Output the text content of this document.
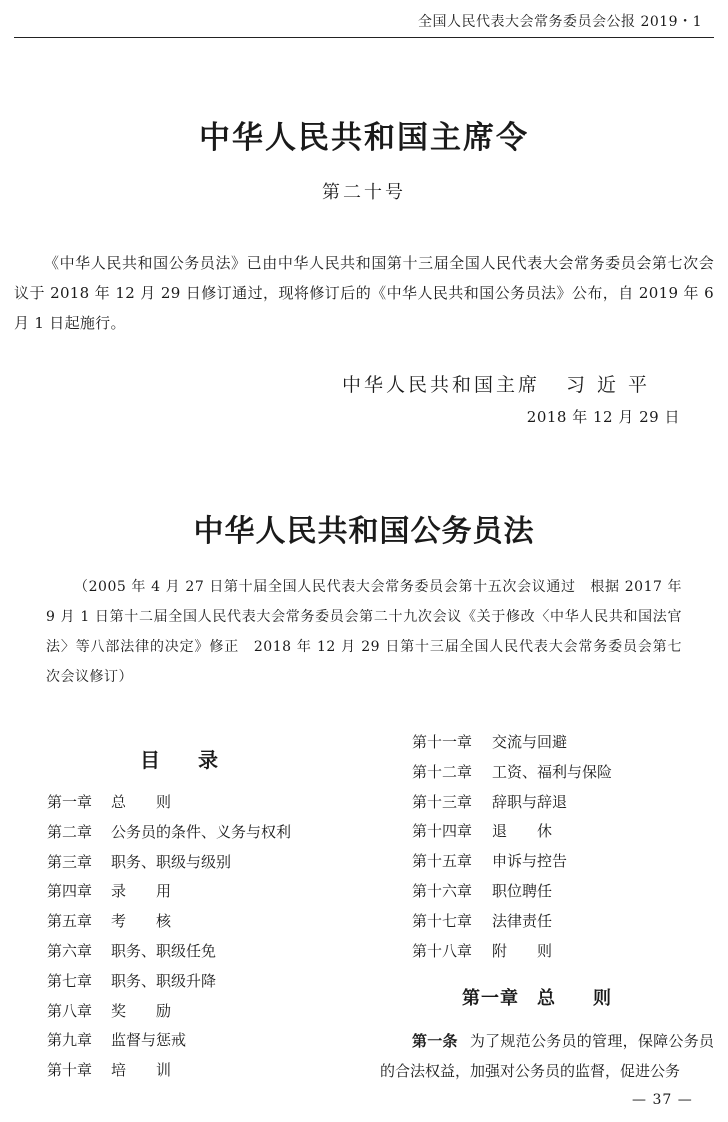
全国人民代表大会常务委员会公报 2019・1
中华人民共和国主席令
第二十号

《中华人民共和国公务员法》已由中华人民共和国第十三届全国人民代表大会常务委员会第七次会议于 2018 年 12 月 29 日修订通过，现将修订后的《中华人民共和国公务员法》公布，自 2019 年 6 月 1 日起施行。

中华人民共和国主席 习近平
2018 年 12 月 29 日
中华人民共和国公务员法

（2005 年 4 月 27 日第十届全国人民代表大会常务委员会第十五次会议通过　根据 2017 年 9 月 1 日第十二届全国人民代表大会常务委员会第二十九次会议《关于修改〈中华人民共和国法官法〉等八部法律的决定》修正　2018 年 12 月 29 日第十三届全国人民代表大会常务委员会第七次会议修订）

目录
第一章 总　　则
第二章 公务员的条件、义务与权利
第三章 职务、职级与级别
第四章 录　　用
第五章 考　　核
第六章 职务、职级任免
第七章 职务、职级升降
第八章 奖　　励
第九章 监督与惩戒
第十章 培　　训
第十一章 交流与回避
第十二章 工资、福利与保险
第十三章 辞职与辞退
第十四章 退　　休
第十五章 申诉与控告
第十六章 职位聘任
第十七章 法律责任
第十八章 附　　则
第一章 总则

第一条 为了规范公务员的管理，保障公务员的合法权益，加强对公务员的监督，促进公务

— 37 —
